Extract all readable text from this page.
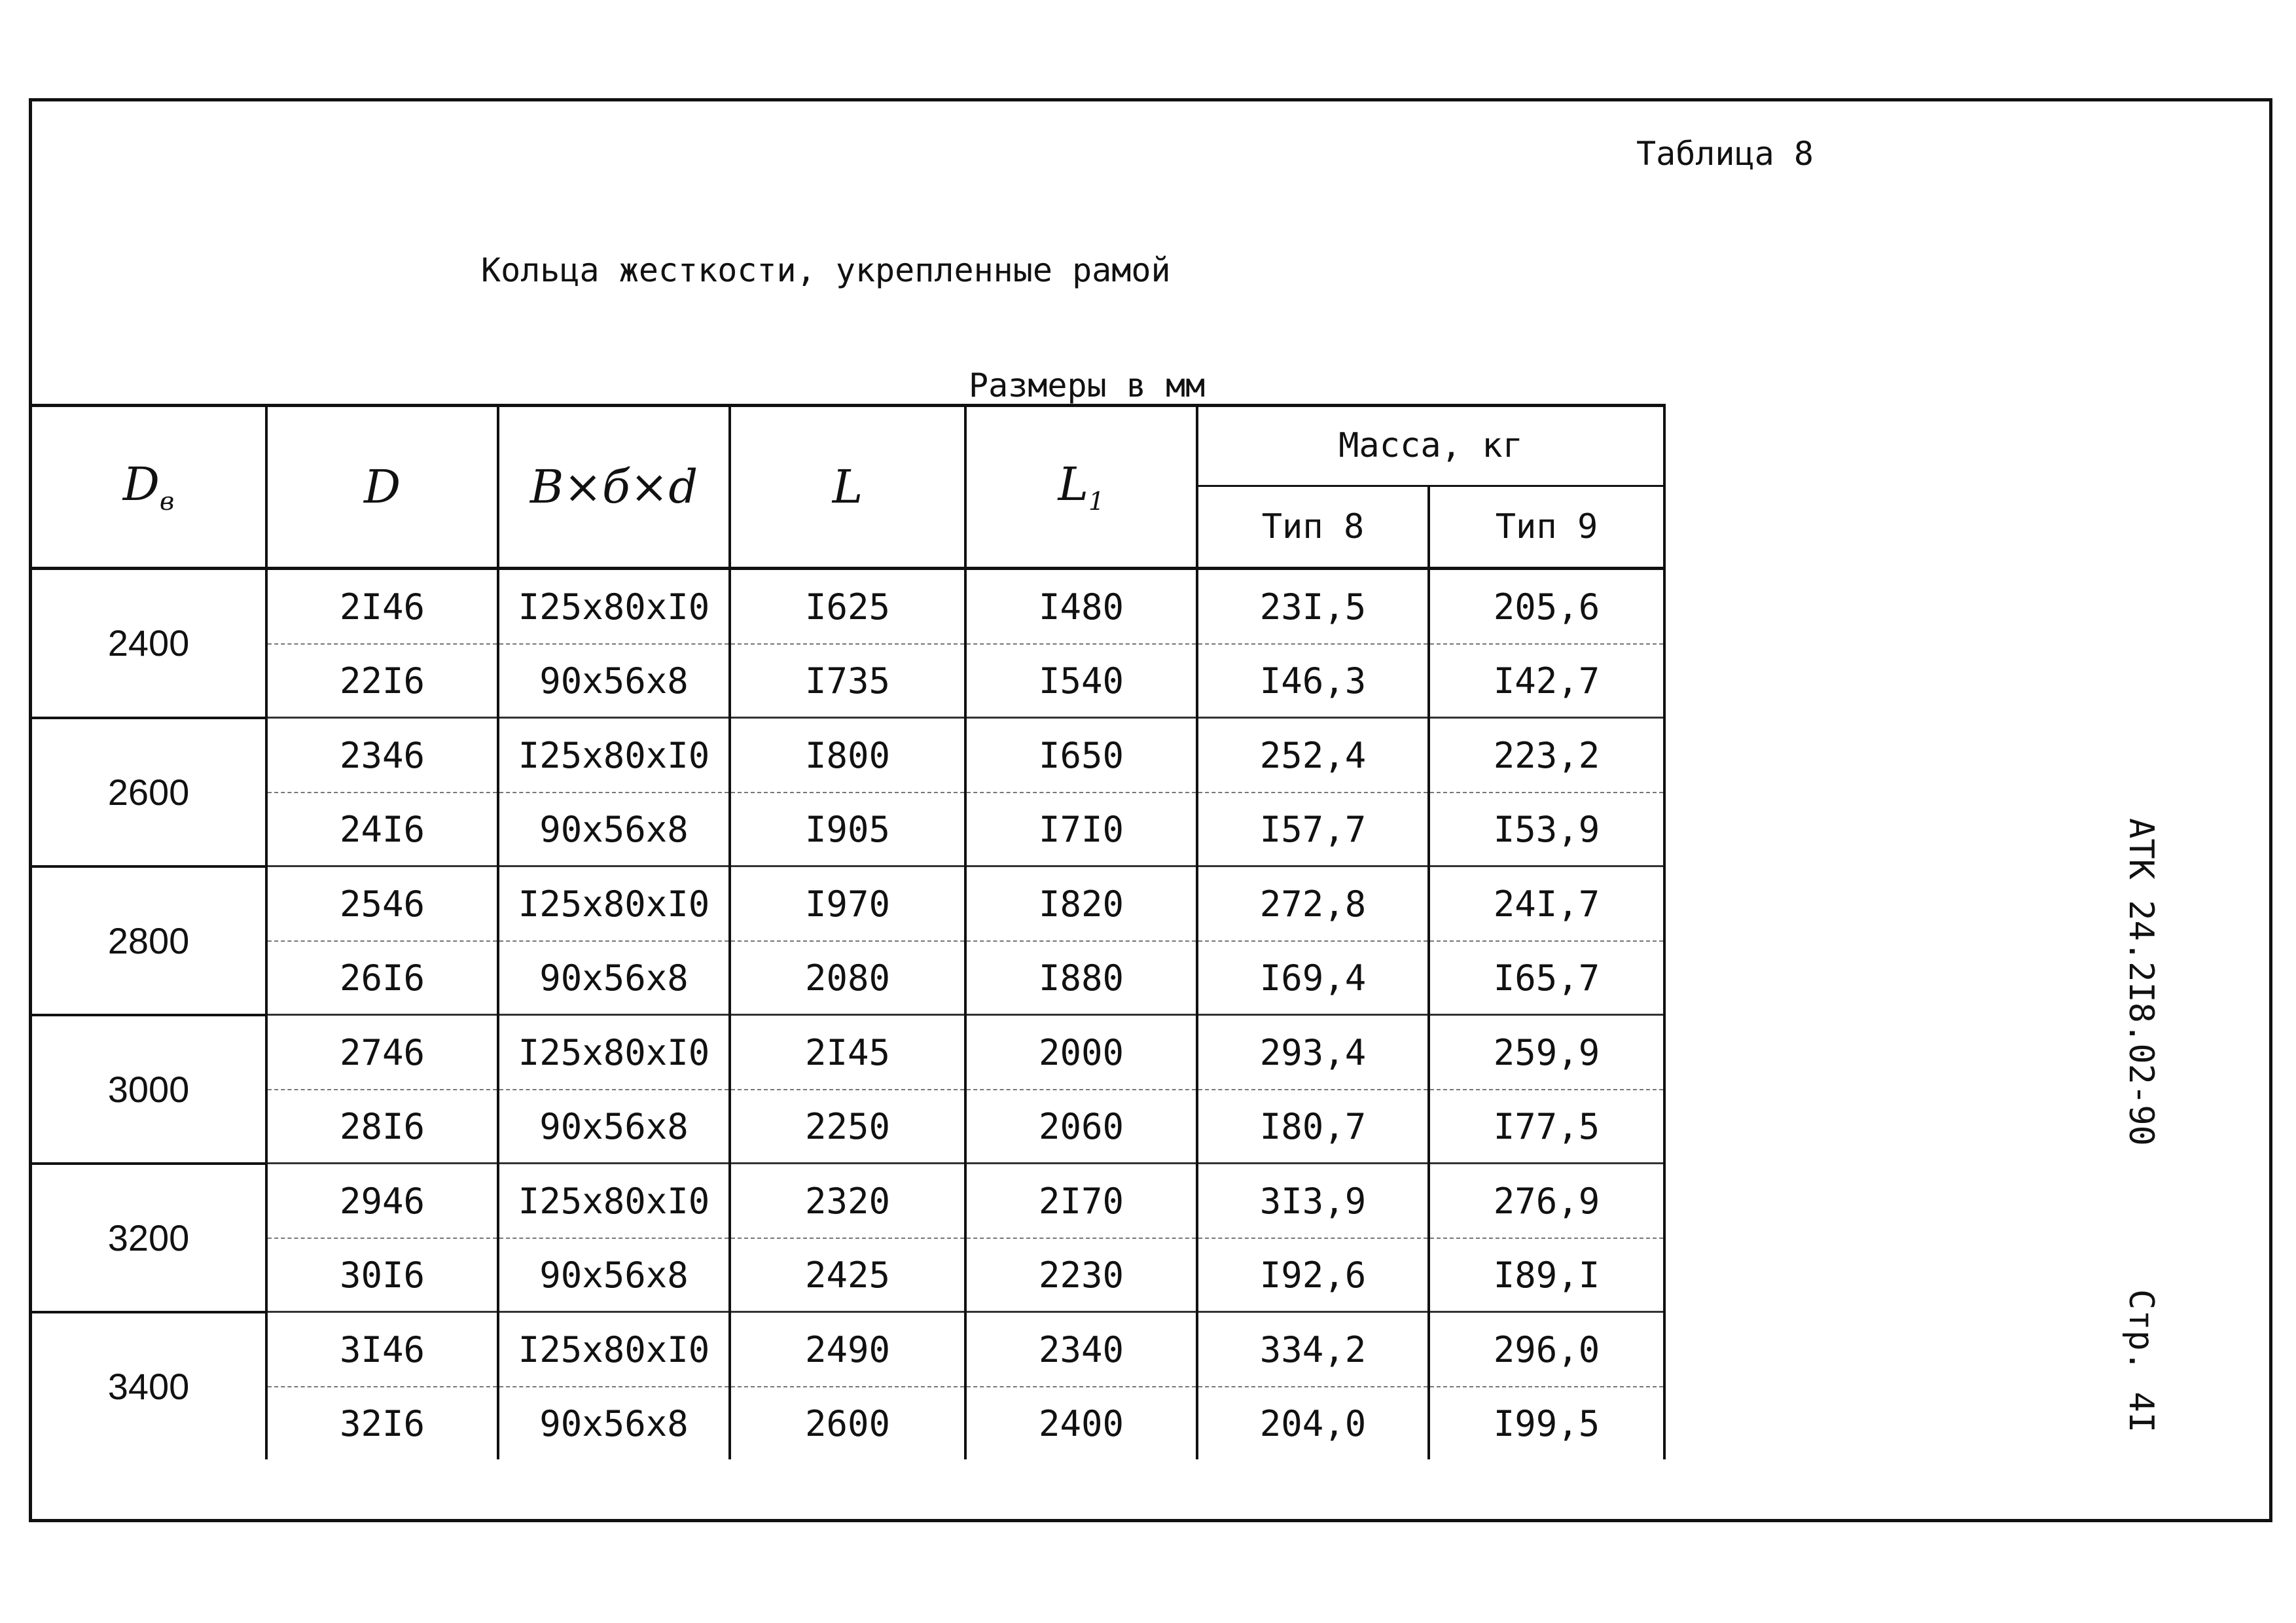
Таблица 8
Кольца жесткости, укрепленные рамой
Размеры в мм
АТК 24.2I8.02-90
Стр. 4I
$D_в$	D	B×б×d	L	$L_1$	Масса, кг	
					Тип 8	Тип 9
2400	2I46	I25x80xI0	I625	I480	23I,5	205,6
	22I6	90x56x8	I735	I540	I46,3	I42,7
2600	2346	I25x80xI0	I800	I650	252,4	223,2
	24I6	90x56x8	I905	I7I0	I57,7	I53,9
2800	2546	I25x80xI0	I970	I820	272,8	24I,7
	26I6	90x56x8	2080	I880	I69,4	I65,7
3000	2746	I25x80xI0	2I45	2000	293,4	259,9
	28I6	90x56x8	2250	2060	I80,7	I77,5
3200	2946	I25x80xI0	2320	2I70	3I3,9	276,9
	30I6	90x56x8	2425	2230	I92,6	I89,I
3400	3I46	I25x80xI0	2490	2340	334,2	296,0
	32I6	90x56x8	2600	2400	204,0	I99,5
